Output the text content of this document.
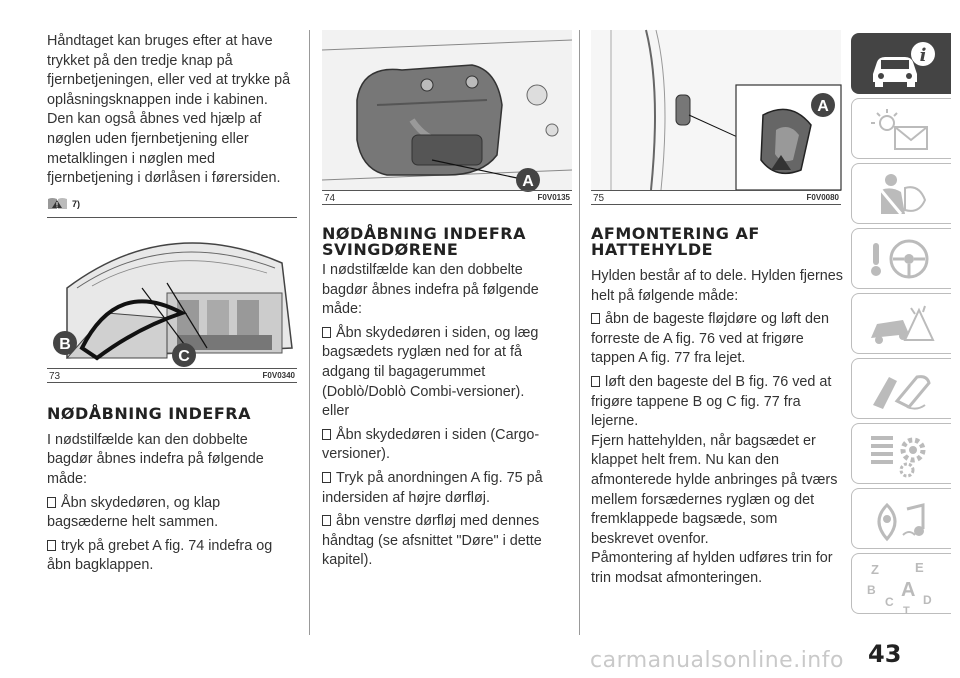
Håndtaget kan bruges efter at have trykket på den tredje knap på fjernbetjeningen, eller ved at trykke på oplåsningsknappen inde i kabinen. Den kan også åbnes ved hjælp af nøglen uden fjernbetjening eller metalklingen i nøglen med fjernbetjening i dørlåsen i førersiden.

7)
B
C
73	F0V0340
NØDÅBNING INDEFRA

I nødstilfælde kan den dobbelte bagdør åbnes indefra på følgende måde:

Åbn skydedøren, og klap bagsæderne helt sammen.

tryk på grebet A fig. 74 indefra og åbn bagklappen.

A
74	F0V0135
NØDÅBNING INDEFRA SVINGDØRENE

I nødstilfælde kan den dobbelte bagdør åbnes indefra på følgende måde:

Åbn skydedøren i siden, og læg bagsædets ryglæn ned for at få adgang til bagagerummet (Doblò/Doblò Combi-versioner).

eller

Åbn skydedøren i siden (Cargo-versioner).

Tryk på anordningen A fig. 75 på indersiden af højre dørfløj.

åbn venstre dørfløj med dennes håndtag (se afsnittet "Døre" i dette kapitel).

A
75	F0V0080
AFMONTERING AF HATTEHYLDE

Hylden består af to dele. Hylden fjernes helt på følgende måde:

åbn de bageste fløjdøre og løft den forreste de A fig. 76 ved at frigøre tappen A fig. 77 fra lejet.

løft den bageste del B fig. 76 ved at frigøre tappene B og C fig. 77 fra lejerne.

Fjern hattehylden, når bagsædet er klappet helt frem. Nu kan den afmonterede hylde anbringes på tværs mellem forsædernes ryglæn og det fremklappede bagsæde, som beskrevet ovenfor.

Påmontering af hylden udføres trin for trin modsat afmonteringen.

i
Z	E
B A
C D
T
carmanualsonline.info 43
